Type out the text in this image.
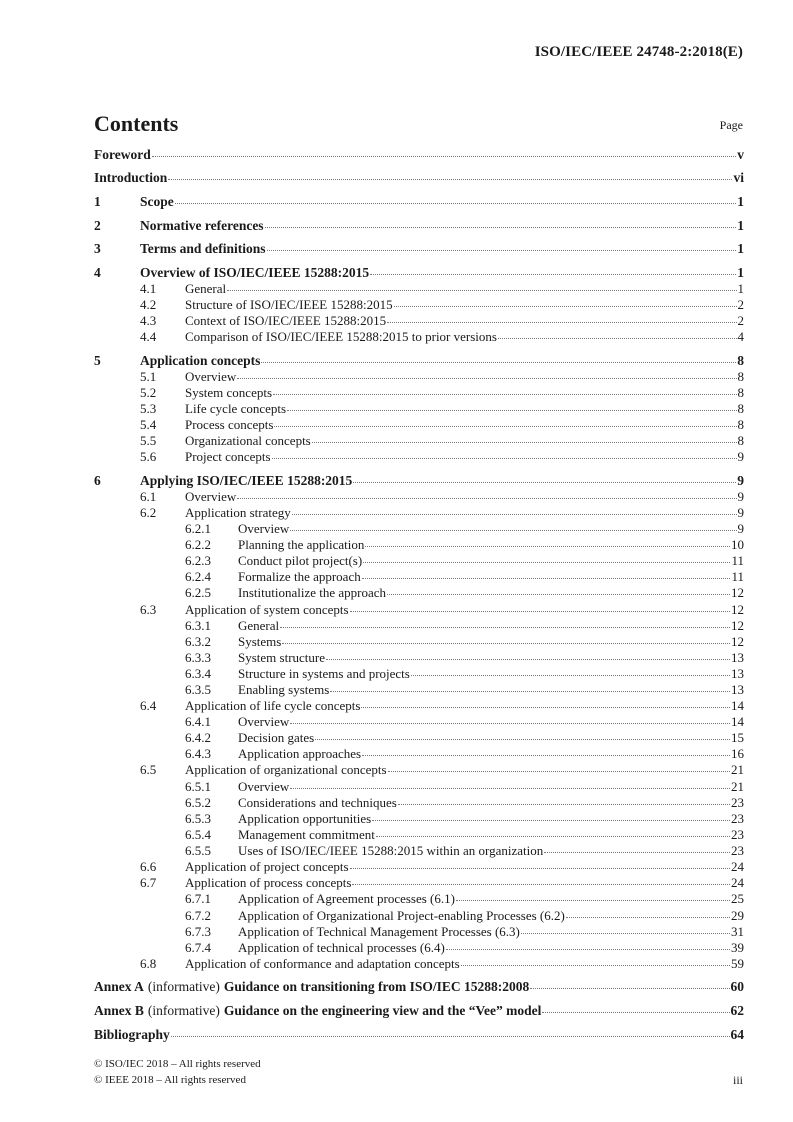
ISO/IEC/IEEE 24748-2:2018(E)
Contents	Page
Foreword	v
Introduction	vi
1	Scope	1
2	Normative references	1
3	Terms and definitions	1
4	Overview of ISO/IEC/IEEE 15288:2015	1
4.1	General	1
4.2	Structure of ISO/IEC/IEEE 15288:2015	2
4.3	Context of ISO/IEC/IEEE 15288:2015	2
4.4	Comparison of ISO/IEC/IEEE 15288:2015 to prior versions	4
5	Application concepts	8
5.1	Overview	8
5.2	System concepts	8
5.3	Life cycle concepts	8
5.4	Process concepts	8
5.5	Organizational concepts	8
5.6	Project concepts	9
6	Applying ISO/IEC/IEEE 15288:2015	9
6.1	Overview	9
6.2	Application strategy	9
6.2.1	Overview	9
6.2.2	Planning the application	10
6.2.3	Conduct pilot project(s)	11
6.2.4	Formalize the approach	11
6.2.5	Institutionalize the approach	12
6.3	Application of system concepts	12
6.3.1	General	12
6.3.2	Systems	12
6.3.3	System structure	13
6.3.4	Structure in systems and projects	13
6.3.5	Enabling systems	13
6.4	Application of life cycle concepts	14
6.4.1	Overview	14
6.4.2	Decision gates	15
6.4.3	Application approaches	16
6.5	Application of organizational concepts	21
6.5.1	Overview	21
6.5.2	Considerations and techniques	23
6.5.3	Application opportunities	23
6.5.4	Management commitment	23
6.5.5	Uses of ISO/IEC/IEEE 15288:2015 within an organization	23
6.6	Application of project concepts	24
6.7	Application of process concepts	24
6.7.1	Application of Agreement processes (6.1)	25
6.7.2	Application of Organizational Project-enabling Processes (6.2)	29
6.7.3	Application of Technical Management Processes (6.3)	31
6.7.4	Application of technical processes (6.4)	39
6.8	Application of conformance and adaptation concepts	59
Annex A (informative) Guidance on transitioning from ISO/IEC 15288:2008	60
Annex B (informative) Guidance on the engineering view and the “Vee” model	62
Bibliography	64
© ISO/IEC 2018 – All rights reserved
© IEEE 2018 – All rights reserved	iii
